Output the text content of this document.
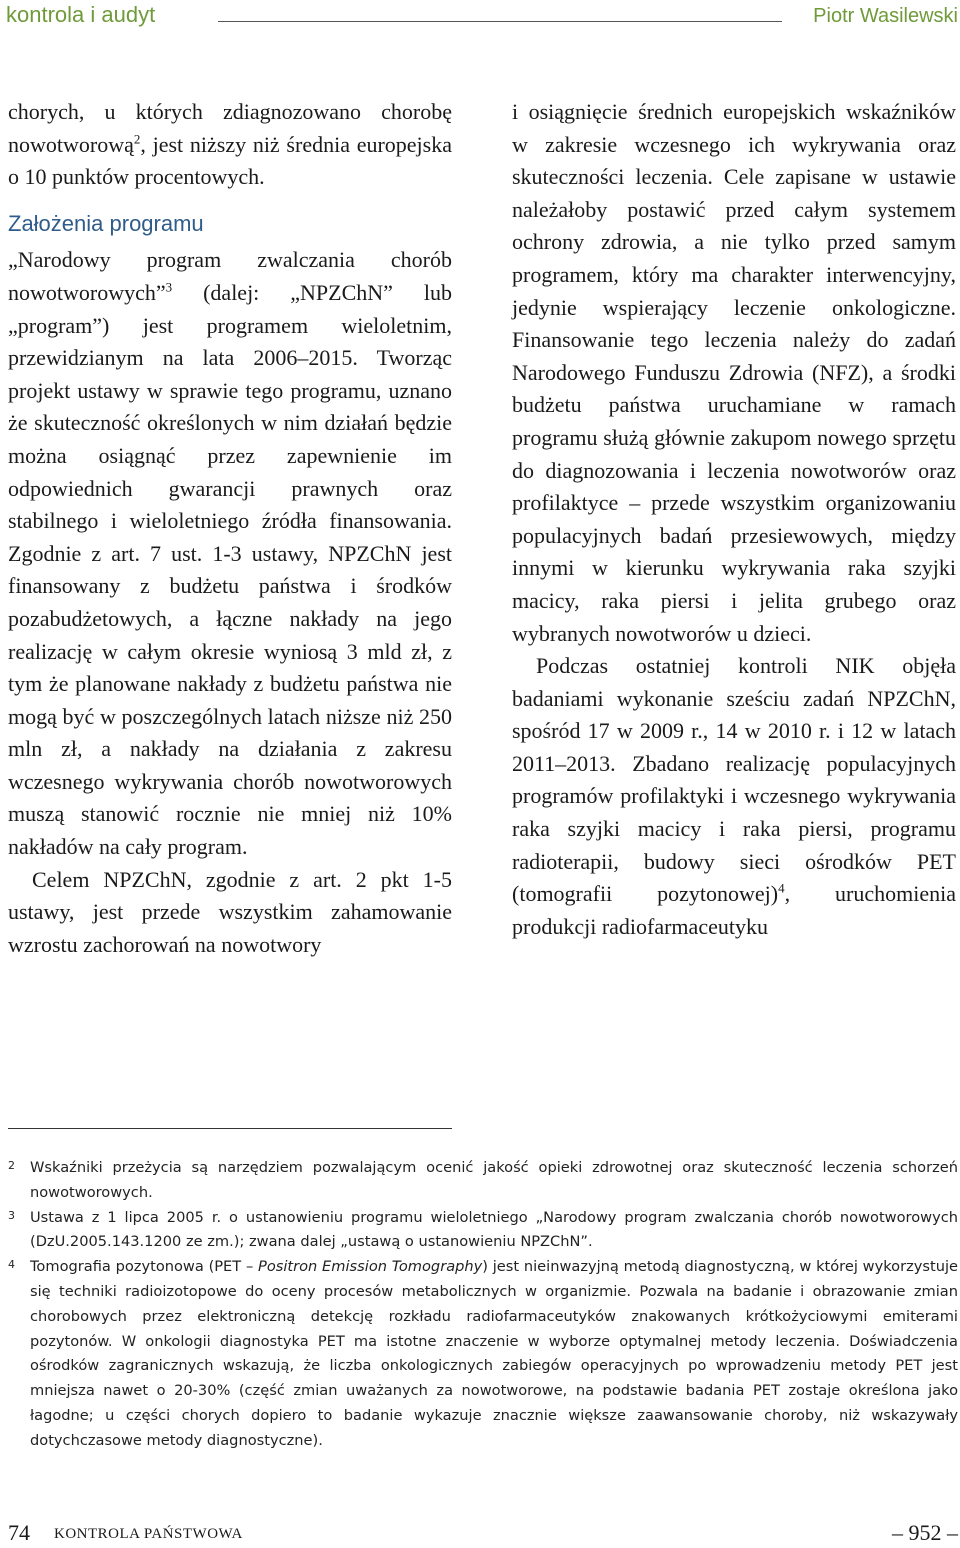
kontrola i audyt	Piotr Wasilewski

chorych, u których zdiagnozowano chorobę nowotworową$^2$, jest niższy niż średnia europejska o 10 punktów procentowych.

Założenia programu

„Narodowy program zwalczania chorób nowotworowych”$^3$ (dalej: „NPZChN” lub „program”) jest programem wieloletnim, przewidzianym na lata 2006–2015. Tworząc projekt ustawy w sprawie tego programu, uznano że skuteczność określonych w nim działań będzie można osiągnąć przez zapewnienie im odpowiednich gwarancji prawnych oraz stabilnego i wieloletniego źródła finansowania. Zgodnie z art. 7 ust. 1-3 ustawy, NPZChN jest finansowany z budżetu państwa i środków pozabudżetowych, a łączne nakłady na jego realizację w całym okresie wyniosą 3 mld zł, z tym że planowane nakłady z budżetu państwa nie mogą być w poszczególnych latach niższe niż 250 mln zł, a nakłady na działania z zakresu wczesnego wykrywania chorób nowotworowych muszą stanowić rocznie nie mniej niż 10% nakładów na cały program.

Celem NPZChN, zgodnie z art. 2 pkt 1-5 ustawy, jest przede wszystkim zahamowanie wzrostu zachorowań na nowotwory

i osiągnięcie średnich europejskich wskaźników w zakresie wczesnego ich wykrywania oraz skuteczności leczenia. Cele zapisane w ustawie należałoby postawić przed całym systemem ochrony zdrowia, a nie tylko przed samym programem, który ma charakter interwencyjny, jedynie wspierający leczenie onkologiczne. Finansowanie tego leczenia należy do zadań Narodowego Funduszu Zdrowia (NFZ), a środki budżetu państwa uruchamiane w ramach programu służą głównie zakupom nowego sprzętu do diagnozowania i leczenia nowotworów oraz profilaktyce – przede wszystkim organizowaniu populacyjnych badań przesiewowych, między innymi w kierunku wykrywania raka szyjki macicy, raka piersi i jelita grubego oraz wybranych nowotworów u dzieci.

Podczas ostatniej kontroli NIK objęła badaniami wykonanie sześciu zadań NPZChN, spośród 17 w 2009 r., 14 w 2010 r. i 12 w latach 2011–2013. Zbadano realizację populacyjnych programów profilaktyki i wczesnego wykrywania raka szyjki macicy i raka piersi, programu radioterapii, budowy sieci ośrodków PET (tomografii pozytonowej)$^4$, uruchomienia produkcji radiofarmaceutyku

2 Wskaźniki przeżycia są narzędziem pozwalającym ocenić jakość opieki zdrowotnej oraz skuteczność leczenia schorzeń nowotworowych.
3 Ustawa z 1 lipca 2005 r. o ustanowieniu programu wieloletniego „Narodowy program zwalczania chorób nowotworowych (DzU.2005.143.1200 ze zm.); zwana dalej „ustawą o ustanowieniu NPZChN”.
4 Tomografia pozytonowa (PET – Positron Emission Tomography) jest nieinwazyjną metodą diagnostyczną, w której wykorzystuje się techniki radioizotopowe do oceny procesów metabolicznych w organizmie. Pozwala na badanie i obrazowanie zmian chorobowych przez elektroniczną detekcję rozkładu radiofarmaceutyków znakowanych krótkożyciowymi emiterami pozytonów. W onkologii diagnostyka PET ma istotne znaczenie w wyborze optymalnej metody leczenia. Doświadczenia ośrodków zagranicznych wskazują, że liczba onkologicznych zabiegów operacyjnych po wprowadzeniu metody PET jest mniejsza nawet o 20-30% (część zmian uważanych za nowotworowe, na podstawie badania PET zostaje określona jako łagodne; u części chorych dopiero to badanie wykazuje znacznie większe zaawansowanie choroby, niż wskazywały dotychczasowe metody diagnostyczne).
74 KONTROLA PAŃSTWOWA	– 952 –
